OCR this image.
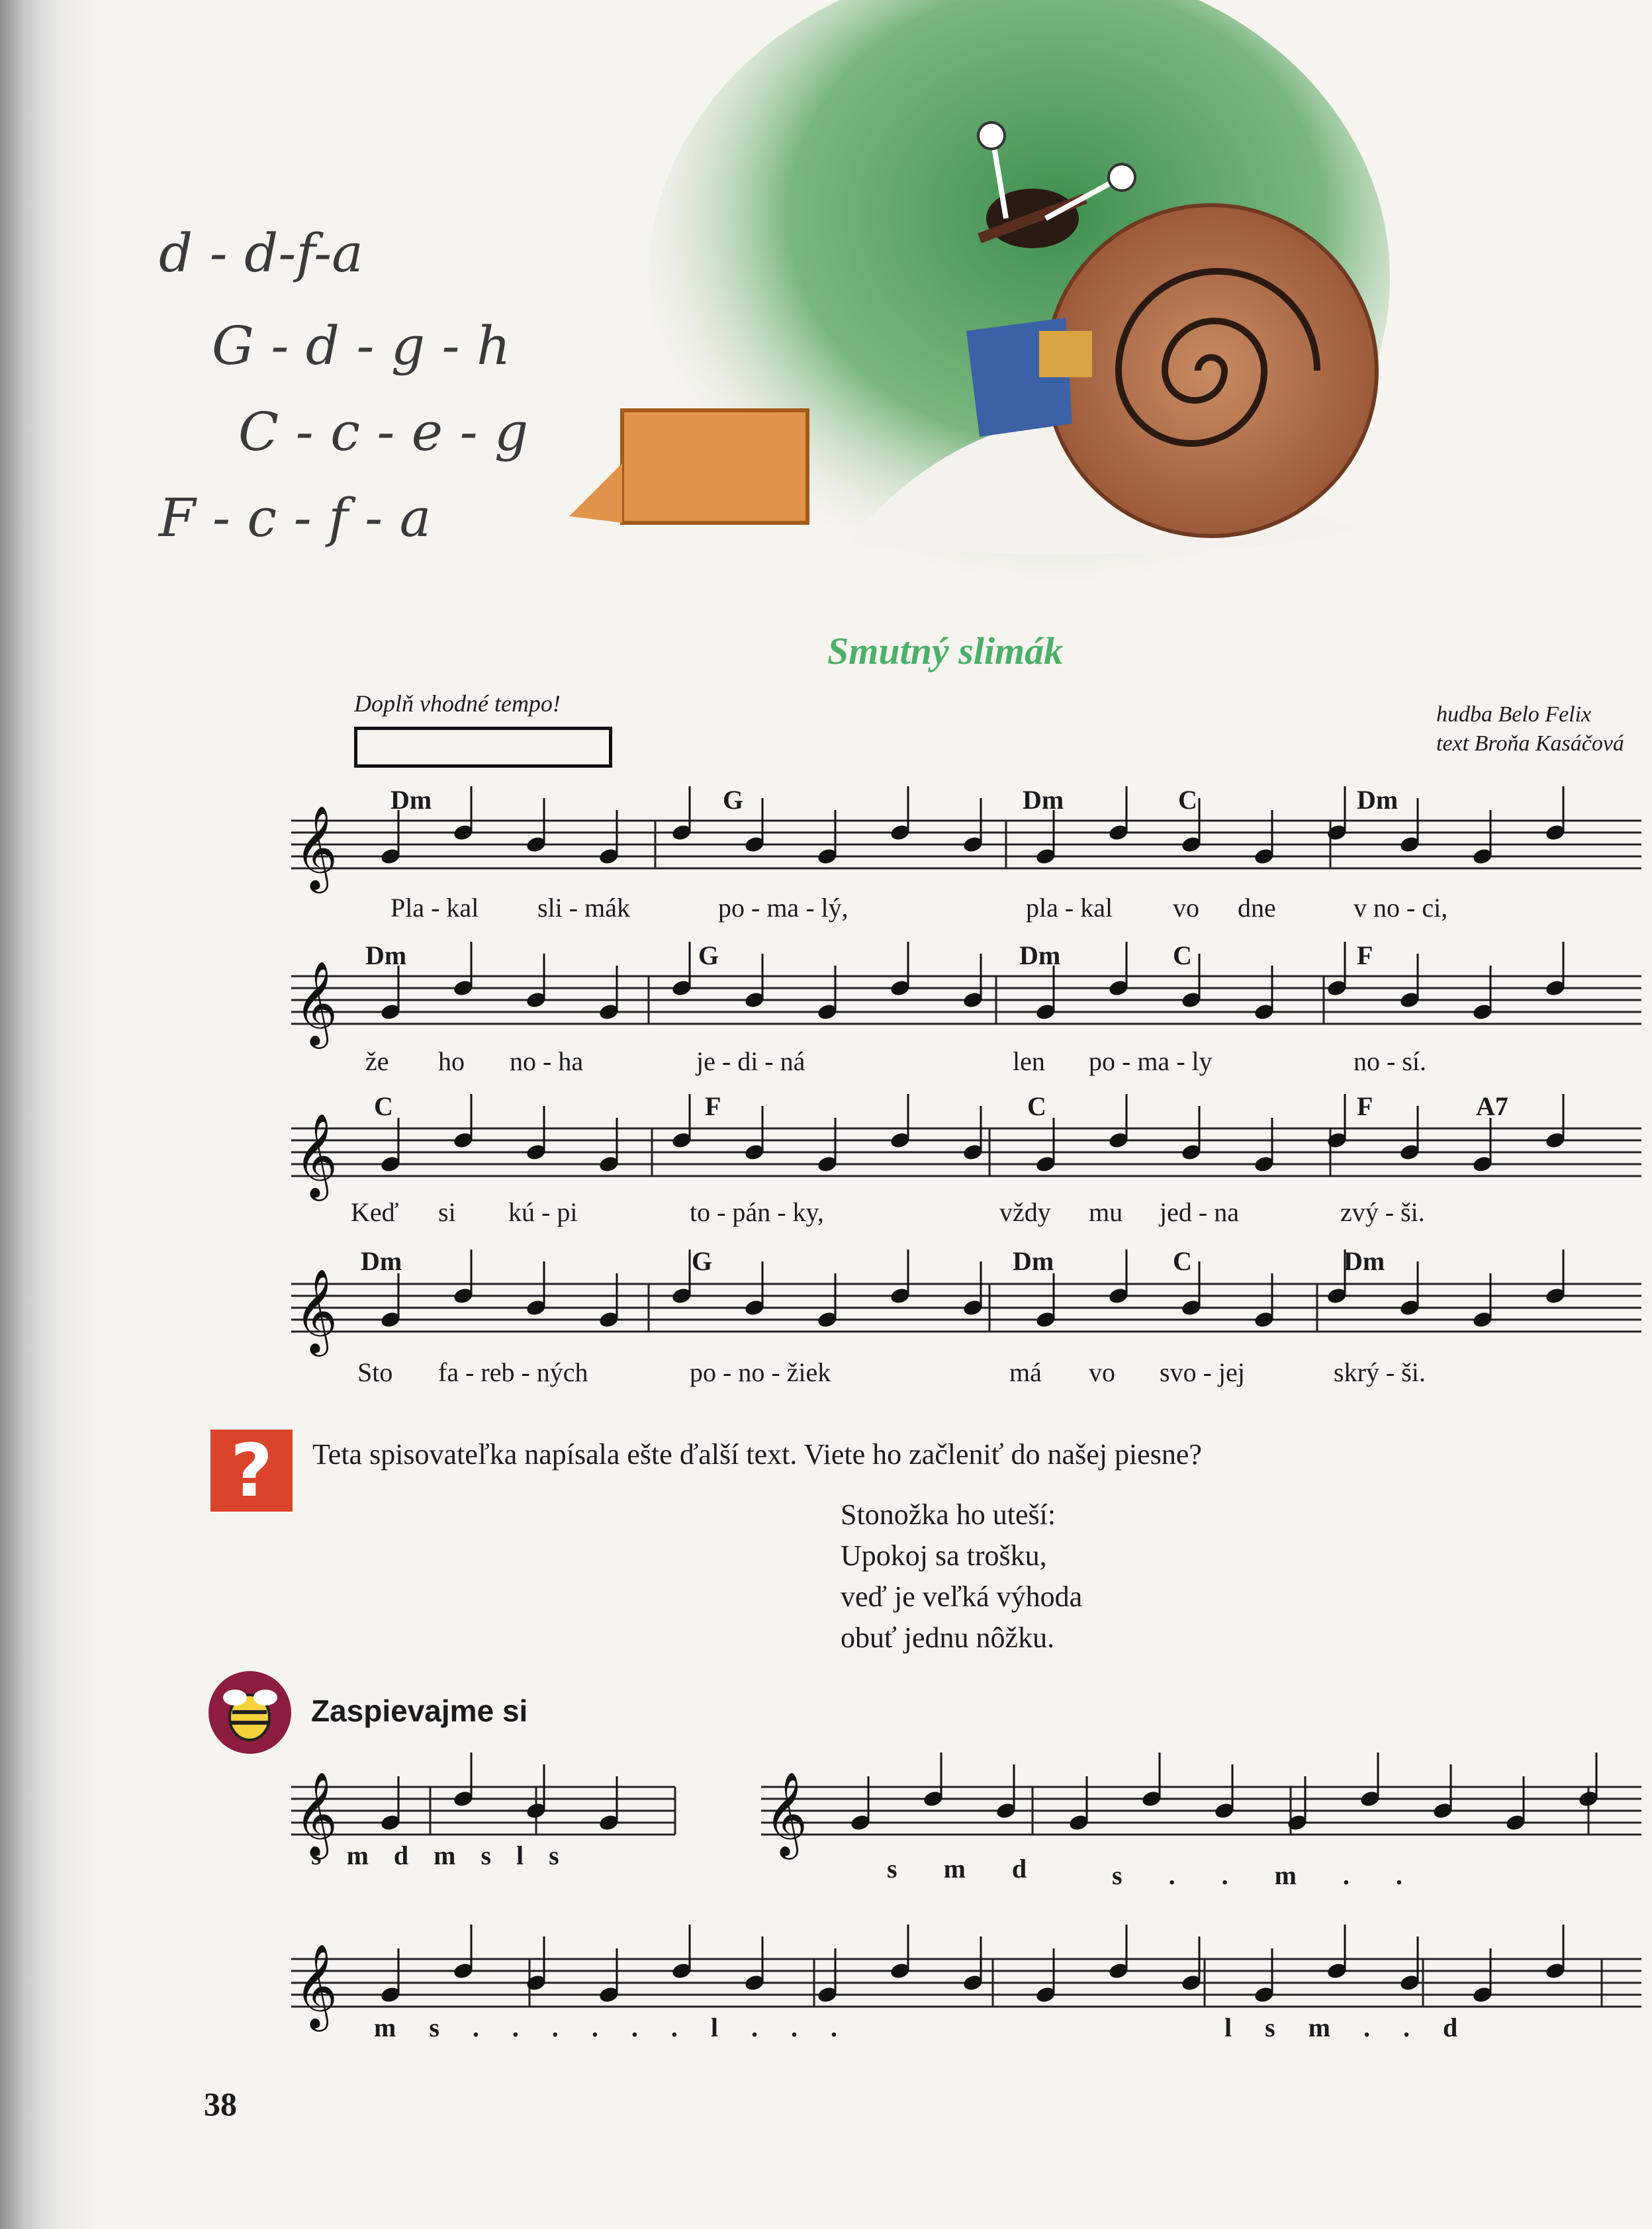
d - d-f-a
G - d - g - h
C - c - e - g
F - c - f - a
Smutný slimák
Doplň vhodné tempo!	hudba Belo Felix
text Broňa Kasáčová
𝄞
𝄞
𝄞
𝄞
𝄞	𝄞
𝄞
Dm	G	Dm	C	Dm
Dm	G	Dm	C	F
C	F	C	F	A7
Dm	G	Dm	C	Dm
Pla - kal sli - mák	po - ma - lý,	pla - kal vo dne	v no - ci,
že ho no - ha	je - di - ná	len po - ma - ly	no - sí.
Keď si kú - pi	to - pán - ky,	vždy mu jed - na	zvý - ši.
Sto fa - reb - ných	po - no - žiek	má vo svo - jej	skrý - ši.
?	Teta spisovateľka napísala ešte ďalší text. Viete ho začleniť do našej piesne?
Stonožka ho uteší:
Upokoj sa trošku,
veď je veľká výhoda
obuť jednu nôžku.
Zaspievajme si
s m d m s l s	s m d	s . . m . .
m s . . . . . . l . . .	l s m . . d
38
